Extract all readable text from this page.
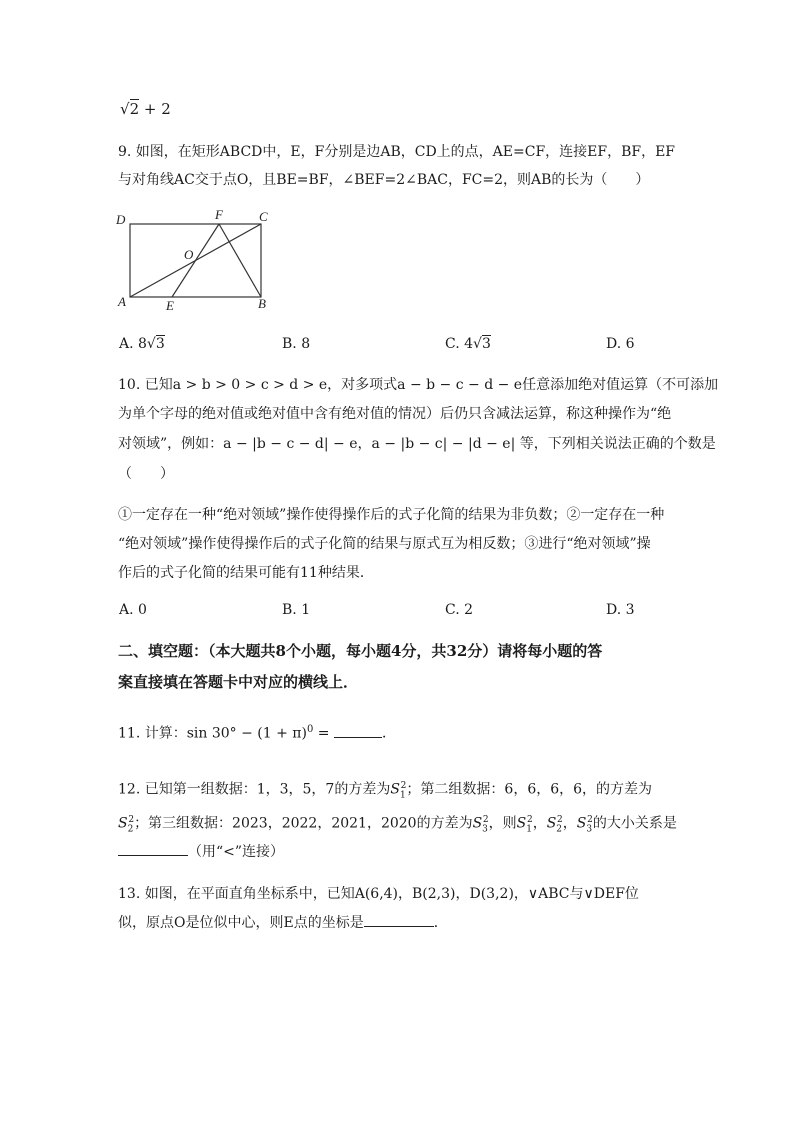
√2 + 2
9. 如图，在矩形ABCD中，E，F分别是边AB，CD上的点，AE=CF，连接EF，BF，EF
与对角线AC交于点O，且BE=BF，∠BEF=2∠BAC，FC=2，则AB的长为（　　）
D	F	C
O
A	E	B
A. 8√3	B. 8	C. 4√3	D. 6
10. 已知a > b > 0 > c > d > e，对多项式a − b − c − d − e任意添加绝对值运算（不可添加
为单个字母的绝对值或绝对值中含有绝对值的情况）后仍只含减法运算，称这种操作为“绝
对领域”，例如：a − |b − c − d| − e，a − |b − c| − |d − e| 等，下列相关说法正确的个数是
（　　）
①一定存在一种“绝对领域”操作使得操作后的式子化简的结果为非负数；②一定存在一种
“绝对领域”操作使得操作后的式子化简的结果与原式互为相反数；③进行“绝对领域”操
作后的式子化简的结果可能有11种结果．
A. 0	B. 1	C. 2	D. 3
二、填空题：（本大题共8个小题，每小题4分，共32分）请将每小题的答
案直接填在答题卡中对应的横线上．
11. 计算：$\sin 30^\circ - (1 + \pi)^0$ =	．
12. 已知第一组数据：1，3，5，7的方差为$S_1^2$；第二组数据：6，6，6，6，的方差为
$S_2^2$；第三组数据：2023，2022，2021，2020的方差为$S_3^2$，则$S_1^2$，$S_2^2$，$S_3^2$的大小关系是
（用“<”连接）
13. 如图，在平面直角坐标系中，已知A(6,4)，B(2,3)，D(3,2)，∨ABC与∨DEF位
似，原点O是位似中心，则E点的坐标是	．
